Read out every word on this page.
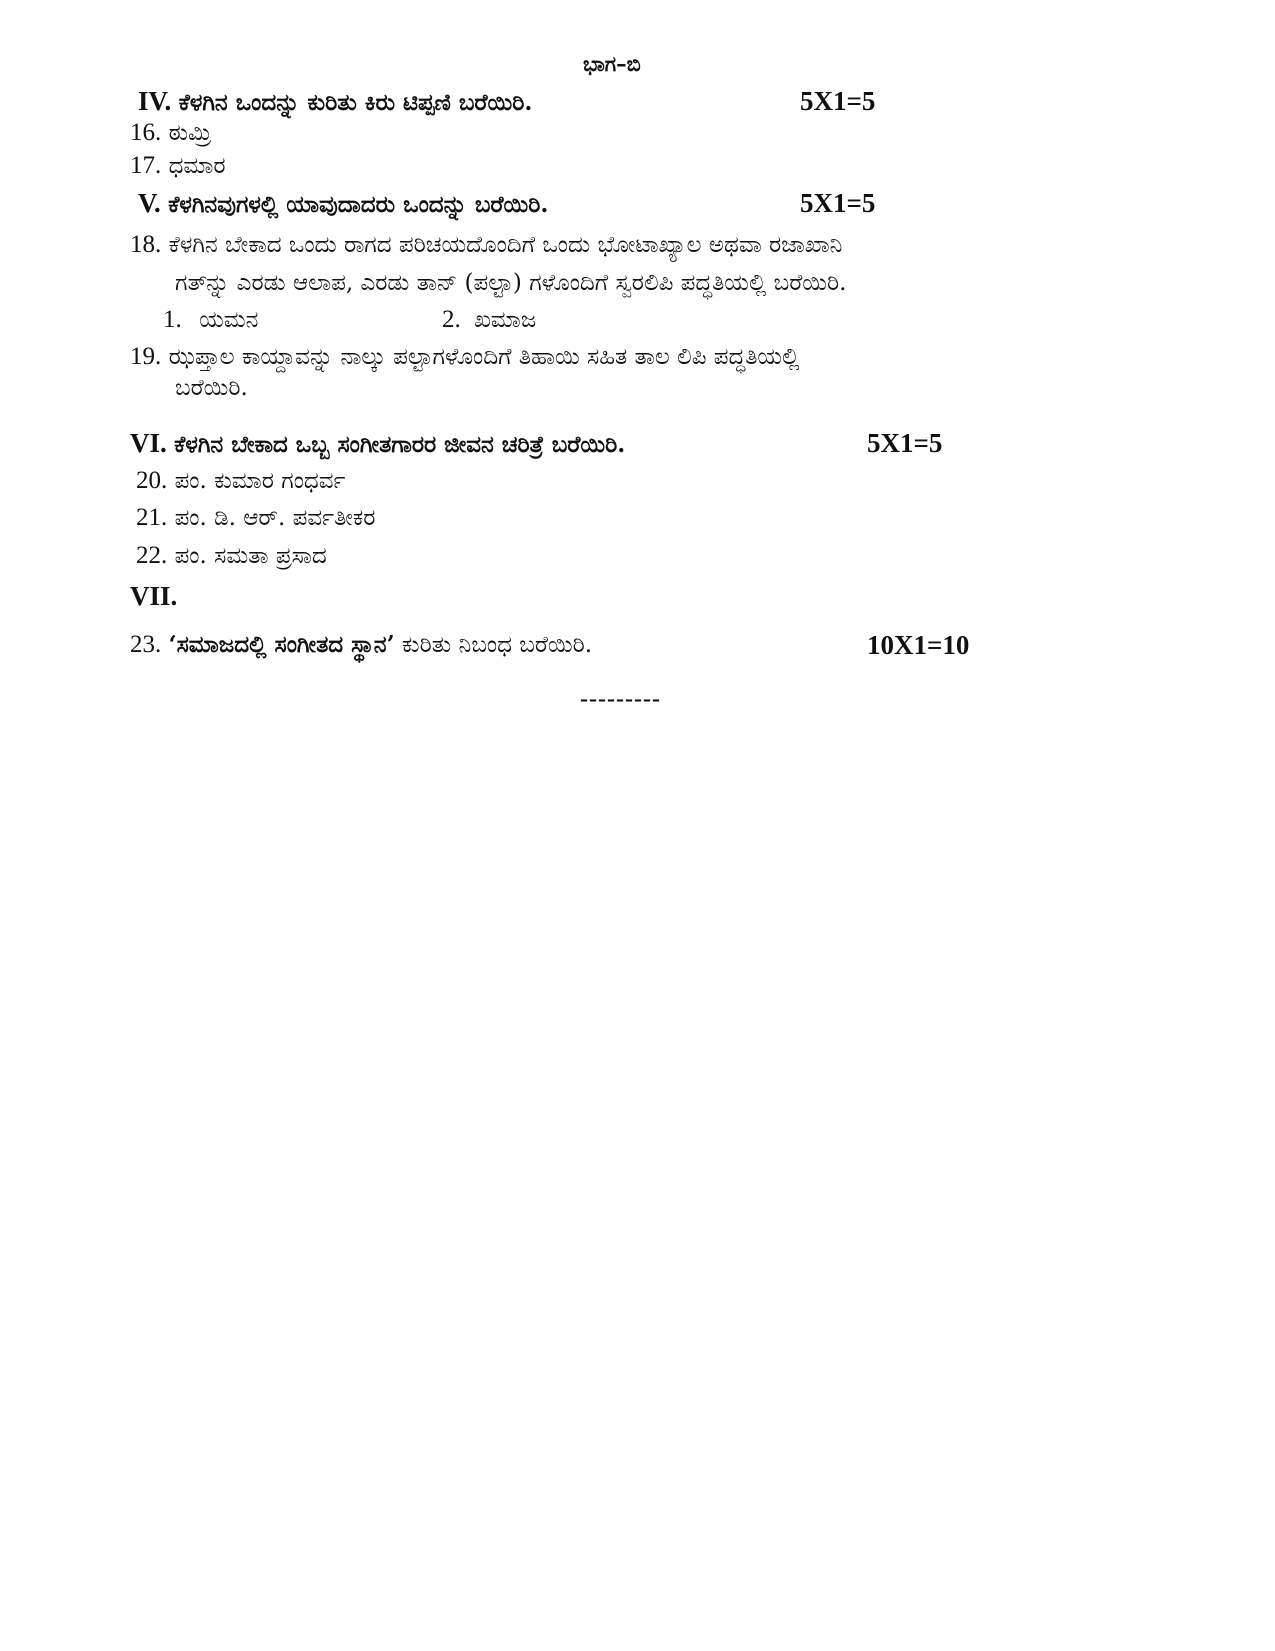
ಭಾಗ–ಬಿ
IV. ಕೆಳಗಿನ ಒಂದನ್ನು ಕುರಿತು ಕಿರು ಟಿಪ್ಪಣಿ ಬರೆಯಿರಿ.	5X1=5
16. ಠುಮ್ರಿ
17. ಧಮಾರ
V. ಕೆಳಗಿನವುಗಳಲ್ಲಿ ಯಾವುದಾದರು ಒಂದನ್ನು ಬರೆಯಿರಿ.	5X1=5
18. ಕೆಳಗಿನ ಬೇಕಾದ ಒಂದು ರಾಗದ ಪರಿಚಯದೊಂದಿಗೆ ಒಂದು ಭೋಟಾಖ್ಯಾಲ ಅಥವಾ ರಜಾಖಾನಿ
ಗತ್‍ನ್ನು ಎರಡು ಆಲಾಪ, ಎರಡು ತಾನ್ (ಪಲ್ಟಾ) ಗಳೊಂದಿಗೆ ಸ್ವರಲಿಪಿ ಪದ್ಧತಿಯಲ್ಲಿ ಬರೆಯಿರಿ.
1. ಯಮನ	2. ಖಮಾಜ
19. ಝಪ್ತಾಲ ಕಾಯ್ದಾವನ್ನು ನಾಲ್ಕು ಪಲ್ಟಾಗಳೊಂದಿಗೆ ತಿಹಾಯಿ ಸಹಿತ ತಾಲ ಲಿಪಿ ಪದ್ಧತಿಯಲ್ಲಿ
ಬರೆಯಿರಿ.
VI. ಕೆಳಗಿನ ಬೇಕಾದ ಒಬ್ಬ ಸಂಗೀತಗಾರರ ಜೀವನ ಚರಿತ್ರೆ ಬರೆಯಿರಿ.	5X1=5
20. ಪಂ. ಕುಮಾರ ಗಂಧರ್ವ
21. ಪಂ. ಡಿ. ಆರ್. ಪರ್ವತೀಕರ
22. ಪಂ. ಸಮತಾ ಪ್ರಸಾದ
VII.
23. ‘ಸಮಾಜದಲ್ಲಿ ಸಂಗೀತದ ಸ್ಥಾನ’ ಕುರಿತು ನಿಬಂಧ ಬರೆಯಿರಿ.	10X1=10
---------
